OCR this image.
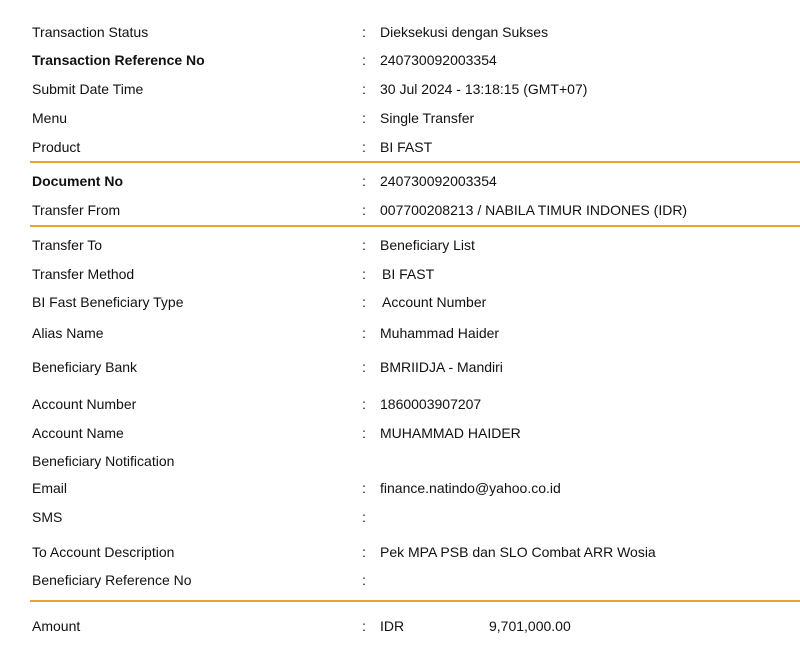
Transaction Status	: Dieksekusi dengan Sukses
Transaction Reference No	: 240730092003354
Submit Date Time	: 30 Jul 2024 - 13:18:15 (GMT+07)
Menu	: Single Transfer
Product	: BI FAST
Document No	: 240730092003354
Transfer From	: 007700208213 / NABILA TIMUR INDONES (IDR)
Transfer To	: Beneficiary List
Transfer Method	: BI FAST
BI Fast Beneficiary Type	: Account Number
Alias Name	: Muhammad Haider
Beneficiary Bank	: BMRIIDJA - Mandiri
Account Number	: 1860003907207
Account Name	: MUHAMMAD HAIDER
Beneficiary Notification
Email	: finance.natindo@yahoo.co.id
SMS	:
To Account Description	: Pek MPA PSB dan SLO Combat ARR Wosia
Beneficiary Reference No	:
Amount	: IDR	9,701,000.00
